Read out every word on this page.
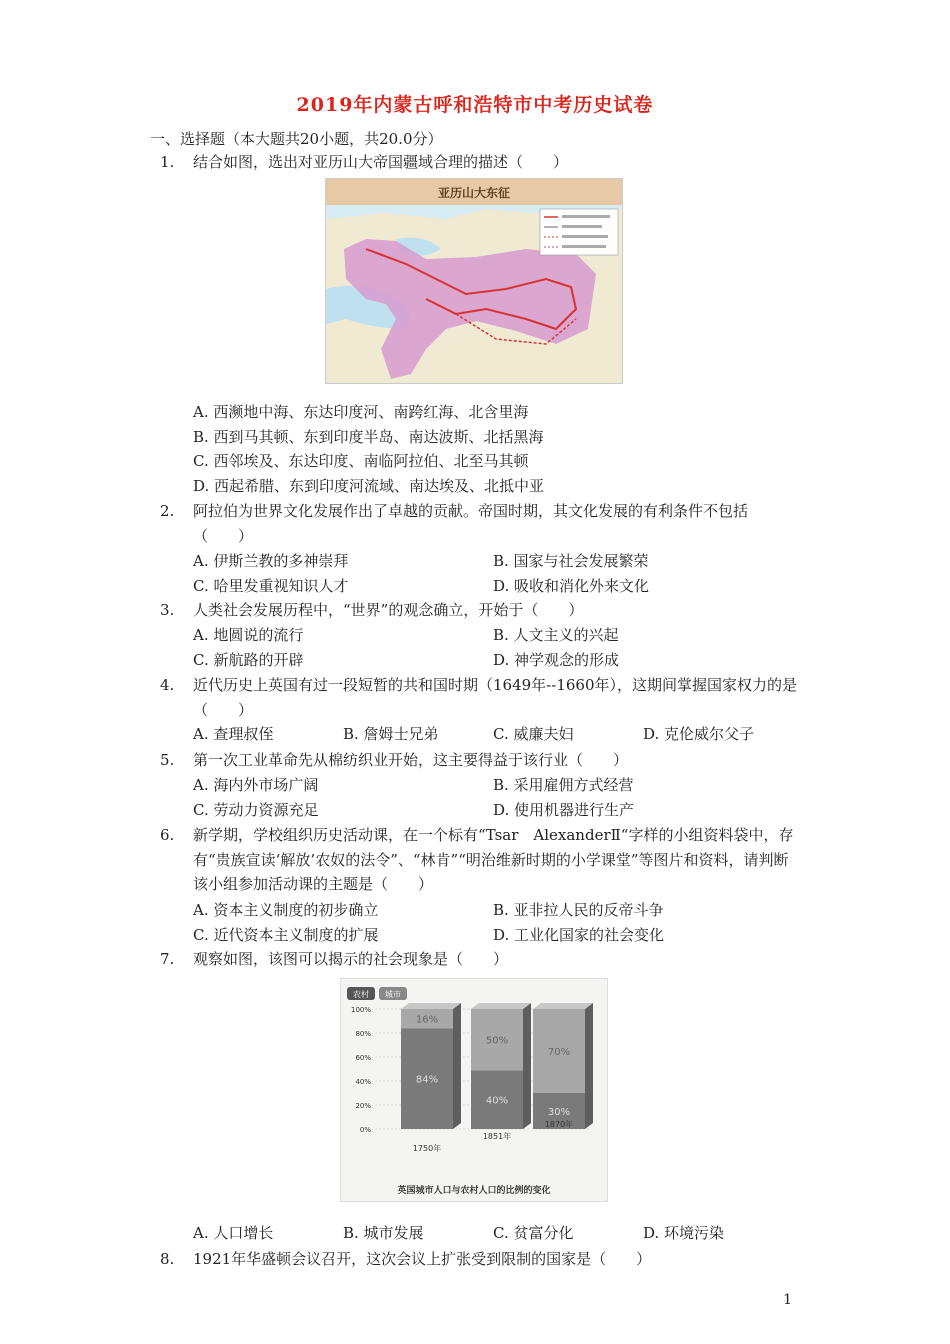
2019年内蒙古呼和浩特市中考历史试卷
一、选择题（本大题共20小题，共20.0分）
1. 结合如图，选出对亚历山大帝国疆域合理的描述（　　）
亚历山大东征
A. 西濒地中海、东达印度河、南跨红海、北含里海
B. 西到马其顿、东到印度半岛、南达波斯、北括黑海
C. 西邻埃及、东达印度、南临阿拉伯、北至马其顿
D. 西起希腊、东到印度河流域、南达埃及、北抵中亚
2. 阿拉伯为世界文化发展作出了卓越的贡献。帝国时期，其文化发展的有利条件不包括（　　）
A. 伊斯兰教的多神崇拜	B. 国家与社会发展繁荣
C. 哈里发重视知识人才	D. 吸收和消化外来文化
3. 人类社会发展历程中，“世界”的观念确立，开始于（　　）
A. 地圆说的流行	B. 人文主义的兴起
C. 新航路的开辟	D. 神学观念的形成
4. 近代历史上英国有过一段短暂的共和国时期（1649年--1660年），这期间掌握国家权力的是（　　）
A. 查理叔侄	B. 詹姆士兄弟	C. 威廉夫妇	D. 克伦威尔父子
5. 第一次工业革命先从棉纺织业开始，这主要得益于该行业（　　）
A. 海内外市场广阔	B. 采用雇佣方式经营
C. 劳动力资源充足	D. 使用机器进行生产
6. 新学期，学校组织历史活动课，在一个标有“Tsar　AlexanderⅡ“字样的小组资料袋中，存有“贵族宣读‘解放’农奴的法令”、“林肯”“明治维新时期的小学课堂”等图片和资料，请判断该小组参加活动课的主题是（　　）
A. 资本主义制度的初步确立	B. 亚非拉人民的反帝斗争
C. 近代资本主义制度的扩展	D. 工业化国家的社会变化
7. 观察如图，该图可以揭示的社会现象是（　　）
农村 城市
100%
80%
60%
40%
20%
0%
84%
16%
1750年
40%
50%
1851年
30%
70%
1870年
英国城市人口与农村人口的比例的变化
A. 人口增长	B. 城市发展	C. 贫富分化	D. 环境污染
8. 1921年华盛顿会议召开，这次会议上扩张受到限制的国家是（　　）
1
